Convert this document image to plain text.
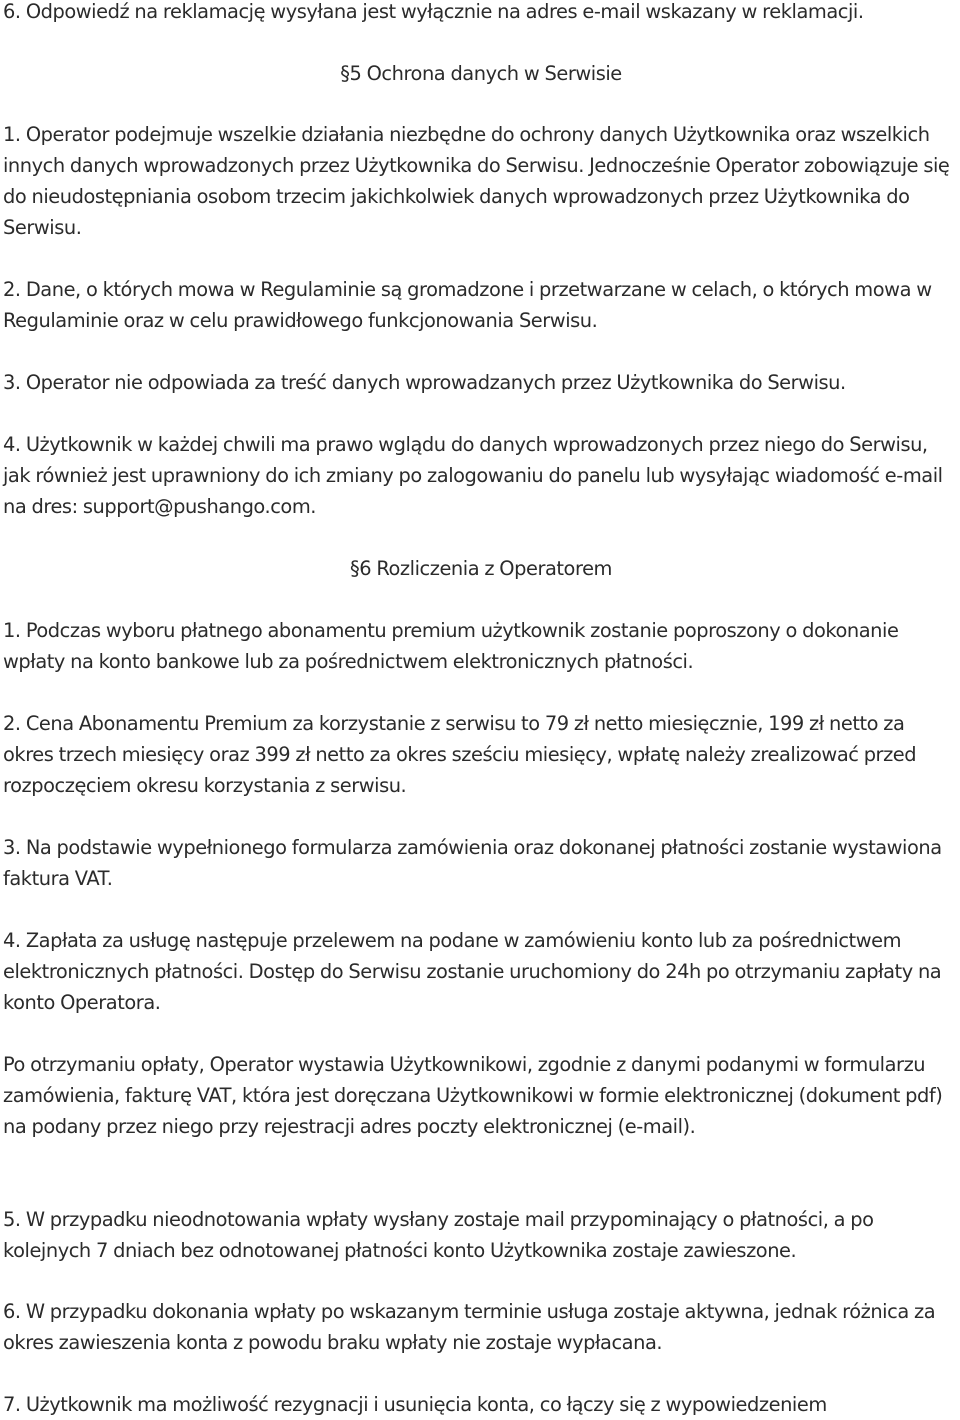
6. Odpowiedź na reklamację wysyłana jest wyłącznie na adres e-mail wskazany w reklamacji.

§5 Ochrona danych w Serwisie

1. Operator podejmuje wszelkie działania niezbędne do ochrony danych Użytkownika oraz wszelkich innych danych wprowadzonych przez Użytkownika do Serwisu. Jednocześnie Operator zobowiązuje się do nieudostępniania osobom trzecim jakichkolwiek danych wprowadzonych przez Użytkownika do Serwisu.

2. Dane, o których mowa w Regulaminie są gromadzone i przetwarzane w celach, o których mowa w Regulaminie oraz w celu prawidłowego funkcjonowania Serwisu.

3. Operator nie odpowiada za treść danych wprowadzanych przez Użytkownika do Serwisu.

4. Użytkownik w każdej chwili ma prawo wglądu do danych wprowadzonych przez niego do Serwisu, jak również jest uprawniony do ich zmiany po zalogowaniu do panelu lub wysyłając wiadomość e-mail na dres: support@pushango.com.

§6 Rozliczenia z Operatorem

1. Podczas wyboru płatnego abonamentu premium użytkownik zostanie poproszony o dokonanie wpłaty na konto bankowe lub za pośrednictwem elektronicznych płatności.

2. Cena Abonamentu Premium za korzystanie z serwisu to 79 zł netto miesięcznie, 199 zł netto za okres trzech miesięcy oraz 399 zł netto za okres sześciu miesięcy, wpłatę należy zrealizować przed rozpoczęciem okresu korzystania z serwisu.

3. Na podstawie wypełnionego formularza zamówienia oraz dokonanej płatności zostanie wystawiona faktura VAT.

4. Zapłata za usługę następuje przelewem na podane w zamówieniu konto lub za pośrednictwem elektronicznych płatności. Dostęp do Serwisu zostanie uruchomiony do 24h po otrzymaniu zapłaty na konto Operatora.

Po otrzymaniu opłaty, Operator wystawia Użytkownikowi, zgodnie z danymi podanymi w formularzu zamówienia, fakturę VAT, która jest doręczana Użytkownikowi w formie elektronicznej (dokument pdf) na podany przez niego przy rejestracji adres poczty elektronicznej (e-mail).

5. W przypadku nieodnotowania wpłaty wysłany zostaje mail przypominający o płatności, a po kolejnych 7 dniach bez odnotowanej płatności konto Użytkownika zostaje zawieszone.

6. W przypadku dokonania wpłaty po wskazanym terminie usługa zostaje aktywna, jednak różnica za okres zawieszenia konta z powodu braku wpłaty nie zostaje wypłacana.

7. Użytkownik ma możliwość rezygnacji i usunięcia konta, co łączy się z wypowiedzeniem
